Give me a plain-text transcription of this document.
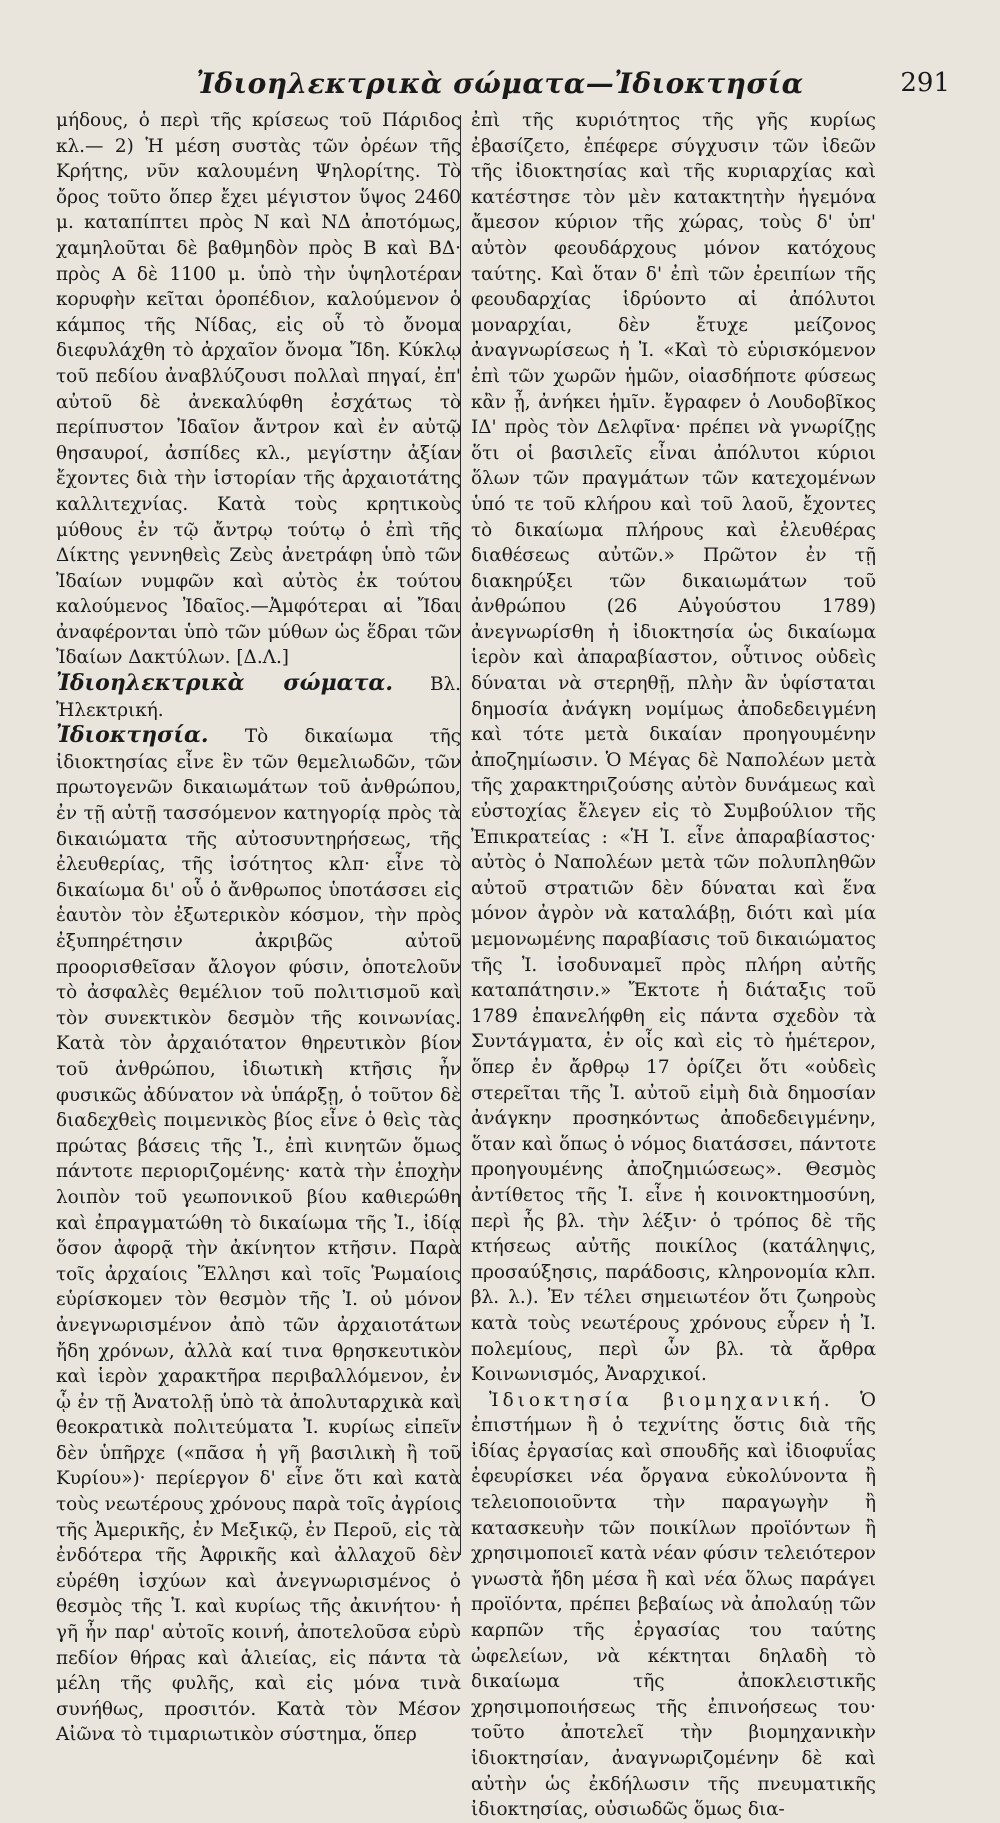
Ἰδιοηλεκτρικὰ σώματα—Ἰδιοκτησία	291

μήδους, ὁ περὶ τῆς κρίσεως τοῦ Πάριδος κλ.— 2) Ἡ μέση συστὰς τῶν ὀρέων τῆς Κρήτης, νῦν καλουμένη Ψηλορίτης. Τὸ ὄρος τοῦτο ὅπερ ἔχει μέγιστον ὕψος 2460 μ. καταπίπτει πρὸς Ν καὶ ΝΔ ἀποτόμως, χαμηλοῦται δὲ βαθμηδὸν πρὸς Β καὶ ΒΔ· πρὸς Α δὲ 1100 μ. ὑπὸ τὴν ὑψηλοτέραν κορυφὴν κεῖται ὀροπέδιον, καλούμενον ὁ κάμπος τῆς Νίδας, εἰς οὗ τὸ ὄνομα διεφυλάχθη τὸ ἀρχαῖον ὄνομα Ἴδη. Κύκλῳ τοῦ πεδίου ἀναβλύζουσι πολλαὶ πηγαί, ἐπ' αὐτοῦ δὲ ἀνεκαλύφθη ἐσχάτως τὸ περίπυστον Ἰδαῖον ἄντρον καὶ ἐν αὐτῷ θησαυροί, ἀσπίδες κλ., μεγίστην ἀξίαν ἔχοντες διὰ τὴν ἱστορίαν τῆς ἀρχαιοτάτης καλλιτεχνίας. Κατὰ τοὺς κρητικοὺς μύθους ἐν τῷ ἄντρῳ τούτῳ ὁ ἐπὶ τῆς Δίκτης γεννηθεὶς Ζεὺς ἀνετράφη ὑπὸ τῶν Ἰδαίων νυμφῶν καὶ αὐτὸς ἐκ τούτου καλούμενος Ἰδαῖος.—Ἀμφότεραι αἱ Ἴδαι ἀναφέρονται ὑπὸ τῶν μύθων ὡς ἕδραι τῶν Ἰδαίων Δακτύλων. [Δ.Λ.]

Ἰδιοηλεκτρικὰ σώματα. Βλ. Ἠλεκτρική.

Ἰδιοκτησία. Τὸ δικαίωμα τῆς ἰδιοκτησίας εἶνε ἓν τῶν θεμελιωδῶν, τῶν πρωτογενῶν δικαιωμάτων τοῦ ἀνθρώπου, ἐν τῇ αὐτῇ τασσόμενον κατηγορίᾳ πρὸς τὰ δικαιώματα τῆς αὐτοσυντηρήσεως, τῆς ἐλευθερίας, τῆς ἰσότητος κλπ· εἶνε τὸ δικαίωμα δι' οὗ ὁ ἄνθρωπος ὑποτάσσει εἰς ἑαυτὸν τὸν ἐξωτερικὸν κόσμον, τὴν πρὸς ἐξυπηρέτησιν ἀκριβῶς αὐτοῦ προορισθεῖσαν ἄλογον φύσιν, ὁποτελοῦν τὸ ἀσφαλὲς θεμέλιον τοῦ πολιτισμοῦ καὶ τὸν συνεκτικὸν δεσμὸν τῆς κοινωνίας. Κατὰ τὸν ἀρχαιότατον θηρευτικὸν βίον τοῦ ἀνθρώπου, ἰδιωτικὴ κτῆσις ἦν φυσικῶς ἀδύνατον νὰ ὑπάρξῃ, ὁ τοῦτον δὲ διαδεχθεὶς ποιμενικὸς βίος εἶνε ὁ θεὶς τὰς πρώτας βάσεις τῆς Ἰ., ἐπὶ κινητῶν ὅμως πάντοτε περιοριζομένης· κατὰ τὴν ἐποχὴν λοιπὸν τοῦ γεωπονικοῦ βίου καθιερώθη καὶ ἐπραγματώθη τὸ δικαίωμα τῆς Ἰ., ἰδίᾳ ὅσον ἀφορᾷ τὴν ἀκίνητον κτῆσιν. Παρὰ τοῖς ἀρχαίοις Ἕλλησι καὶ τοῖς Ῥωμαίοις εὑρίσκομεν τὸν θεσμὸν τῆς Ἰ. οὐ μόνον ἀνεγνωρισμένον ἀπὸ τῶν ἀρχαιοτάτων ἤδη χρόνων, ἀλλὰ καί τινα θρησκευτικὸν καὶ ἱερὸν χαρακτῆρα περιβαλλόμενον, ἐν ᾧ ἐν τῇ Ἀνατολῇ ὑπὸ τὰ ἀπολυταρχικὰ καὶ θεοκρατικὰ πολιτεύματα Ἰ. κυρίως εἰπεῖν δὲν ὑπῆρχε («πᾶσα ἡ γῆ βασιλικὴ ἢ τοῦ Κυρίου»)· περίεργον δ' εἶνε ὅτι καὶ κατὰ τοὺς νεωτέρους χρόνους παρὰ τοῖς ἀγρίοις τῆς Ἀμερικῆς, ἐν Μεξικῷ, ἐν Περοῦ, εἰς τὰ ἐνδότερα τῆς Ἀφρικῆς καὶ ἀλλαχοῦ δὲν εὑρέθη ἰσχύων καὶ ἀνεγνωρισμένος ὁ θεσμὸς τῆς Ἰ. καὶ κυρίως τῆς ἀκινήτου· ἡ γῆ ἦν παρ' αὐτοῖς κοινή, ἀποτελοῦσα εὐρὺ πεδίον θήρας καὶ ἁλιείας, εἰς πάντα τὰ μέλη τῆς φυλῆς, καὶ εἰς μόνα τινὰ συνήθως, προσιτόν. Κατὰ τὸν Μέσον Αἰῶνα τὸ τιμαριωτικὸν σύστημα, ὅπερ

ἐπὶ τῆς κυριότητος τῆς γῆς κυρίως ἐβασίζετο, ἐπέφερε σύγχυσιν τῶν ἰδεῶν τῆς ἰδιοκτησίας καὶ τῆς κυριαρχίας καὶ κατέστησε τὸν μὲν κατακτητὴν ἡγεμόνα ἄμεσον κύριον τῆς χώρας, τοὺς δ' ὑπ' αὐτὸν φεουδάρχους μόνον κατόχους ταύτης. Καὶ ὅταν δ' ἐπὶ τῶν ἐρειπίων τῆς φεουδαρχίας ἱδρύοντο αἱ ἀπόλυτοι μοναρχίαι, δὲν ἔτυχε μείζονος ἀναγνωρίσεως ἡ Ἰ. «Καὶ τὸ εὑρισκόμενον ἐπὶ τῶν χωρῶν ἡμῶν, οἱασδήποτε φύσεως κἂν ᾖ, ἀνήκει ἡμῖν. ἔγραφεν ὁ Λουδοβῖκος ΙΔ' πρὸς τὸν Δελφῖνα· πρέπει νὰ γνωρίζῃς ὅτι οἱ βασιλεῖς εἶναι ἀπόλυτοι κύριοι ὅλων τῶν πραγμάτων τῶν κατεχομένων ὑπό τε τοῦ κλήρου καὶ τοῦ λαοῦ, ἔχοντες τὸ δικαίωμα πλήρους καὶ ἐλευθέρας διαθέσεως αὐτῶν.» Πρῶτον ἐν τῇ διακηρύξει τῶν δικαιωμάτων τοῦ ἀνθρώπου (26 Αὐγούστου 1789) ἀνεγνωρίσθη ἡ ἰδιοκτησία ὡς δικαίωμα ἱερὸν καὶ ἀπαραβίαστον, οὗτινος οὐδεὶς δύναται νὰ στερηθῇ, πλὴν ἂν ὑφίσταται δημοσία ἀνάγκη νομίμως ἀποδεδειγμένη καὶ τότε μετὰ δικαίαν προηγουμένην ἀποζημίωσιν. Ὁ Μέγας δὲ Ναπολέων μετὰ τῆς χαρακτηριζούσης αὐτὸν δυνάμεως καὶ εὐστοχίας ἔλεγεν εἰς τὸ Συμβούλιον τῆς Ἐπικρατείας : «Ἡ Ἰ. εἶνε ἀπαραβίαστος· αὐτὸς ὁ Ναπολέων μετὰ τῶν πολυπληθῶν αὐτοῦ στρατιῶν δὲν δύναται καὶ ἕνα μόνον ἀγρὸν νὰ καταλάβῃ, διότι καὶ μία μεμονωμένης παραβίασις τοῦ δικαιώματος τῆς Ἰ. ἰσοδυναμεῖ πρὸς πλήρη αὐτῆς καταπάτησιν.» Ἔκτοτε ἡ διάταξις τοῦ 1789 ἐπανελήφθη εἰς πάντα σχεδὸν τὰ Συντάγματα, ἐν οἷς καὶ εἰς τὸ ἡμέτερον, ὅπερ ἐν ἄρθρῳ 17 ὁρίζει ὅτι «οὐδεὶς στερεῖται τῆς Ἰ. αὐτοῦ εἰμὴ διὰ δημοσίαν ἀνάγκην προσηκόντως ἀποδεδειγμένην, ὅταν καὶ ὅπως ὁ νόμος διατάσσει, πάντοτε προηγουμένης ἀποζημιώσεως». Θεσμὸς ἀντίθετος τῆς Ἰ. εἶνε ἡ κοινοκτημοσύνη, περὶ ἧς βλ. τὴν λέξιν· ὁ τρόπος δὲ τῆς κτήσεως αὐτῆς ποικίλος (κατάληψις, προσαύξησις, παράδοσις, κληρονομία κλπ. βλ. λ.). Ἐν τέλει σημειωτέον ὅτι ζωηροὺς κατὰ τοὺς νεωτέρους χρόνους εὗρεν ἡ Ἰ. πολεμίους, περὶ ὧν βλ. τὰ ἄρθρα Κοινωνισμός, Ἀναρχικοί.

Ἰδιοκτησία βιομηχανική. Ὁ ἐπιστήμων ἢ ὁ τεχνίτης ὅστις διὰ τῆς ἰδίας ἐργασίας καὶ σπουδῆς καὶ ἰδιοφυΐας ἐφευρίσκει νέα ὄργανα εὐκολύνοντα ἢ τελειοποιοῦντα τὴν παραγωγὴν ἢ κατασκευὴν τῶν ποικίλων προϊόντων ἢ χρησιμοποιεῖ κατὰ νέαν φύσιν τελειότερον γνωστὰ ἤδη μέσα ἢ καὶ νέα ὅλως παράγει προϊόντα, πρέπει βεβαίως νὰ ἀπολαύῃ τῶν καρπῶν τῆς ἐργασίας του ταύτης ὠφελείων, νὰ κέκτηται δηλαδὴ τὸ δικαίωμα τῆς ἀποκλειστικῆς χρησιμοποιήσεως τῆς ἐπινοήσεως του· τοῦτο ἀποτελεῖ τὴν βιομηχανικὴν ἰδιοκτησίαν, ἀναγνωριζομένην δὲ καὶ αὐτὴν ὡς ἐκδήλωσιν τῆς πνευματικῆς ἰδιοκτησίας, οὐσιωδῶς ὅμως δια-
